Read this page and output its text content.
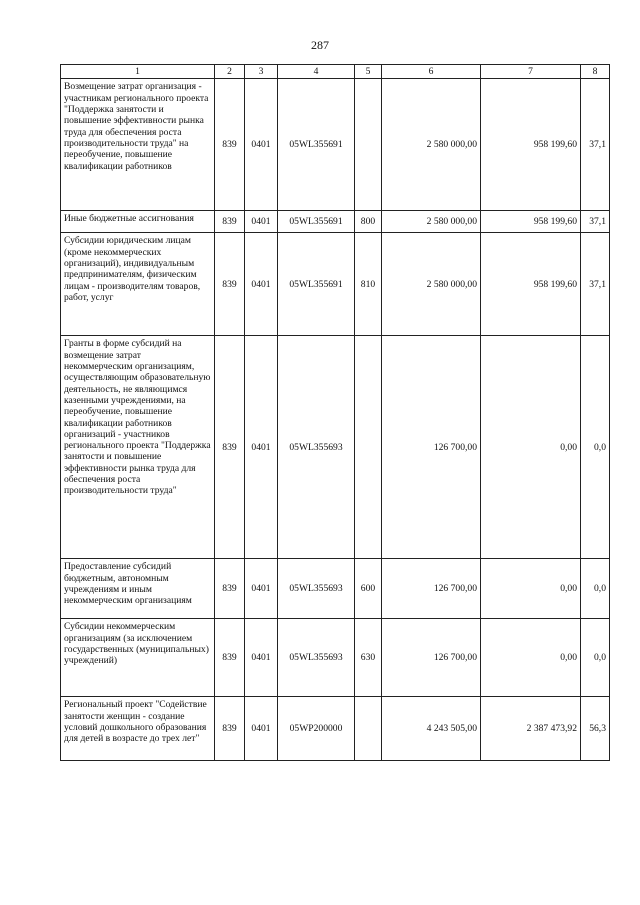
287
1	2	3	4	5	6	7	8
Возмещение затрат организация - участникам регионального проекта "Поддержка занятости и повышение эффективности рынка труда для обеспечения роста производительности труда" на переобучение, повышение квалификации работников	839	0401	05WL355691		2 580 000,00	958 199,60	37,1
Иные бюджетные ассигнования	839	0401	05WL355691	800	2 580 000,00	958 199,60	37,1
Субсидии юридическим лицам (кроме некоммерческих организаций), индивидуальным предпринимателям, физическим лицам - производителям товаров, работ, услуг	839	0401	05WL355691	810	2 580 000,00	958 199,60	37,1
Гранты в форме субсидий на возмещение затрат некоммерческим организациям, осуществляющим образовательную деятельность, не являющимся казенными учреждениями, на переобучение, повышение квалификации работников организаций - участников регионального проекта "Поддержка занятости и повышение эффективности рынка труда для обеспечения роста производительности труда"	839	0401	05WL355693		126 700,00	0,00	0,0
Предоставление субсидий бюджетным, автономным учреждениям и иным некоммерческим организациям	839	0401	05WL355693	600	126 700,00	0,00	0,0
Субсидии некоммерческим организациям (за исключением государственных (муниципальных) учреждений)	839	0401	05WL355693	630	126 700,00	0,00	0,0
Региональный проект "Содействие занятости женщин - создание условий дошкольного образования для детей в возрасте до трех лет"	839	0401	05WP200000		4 243 505,00	2 387 473,92	56,3
